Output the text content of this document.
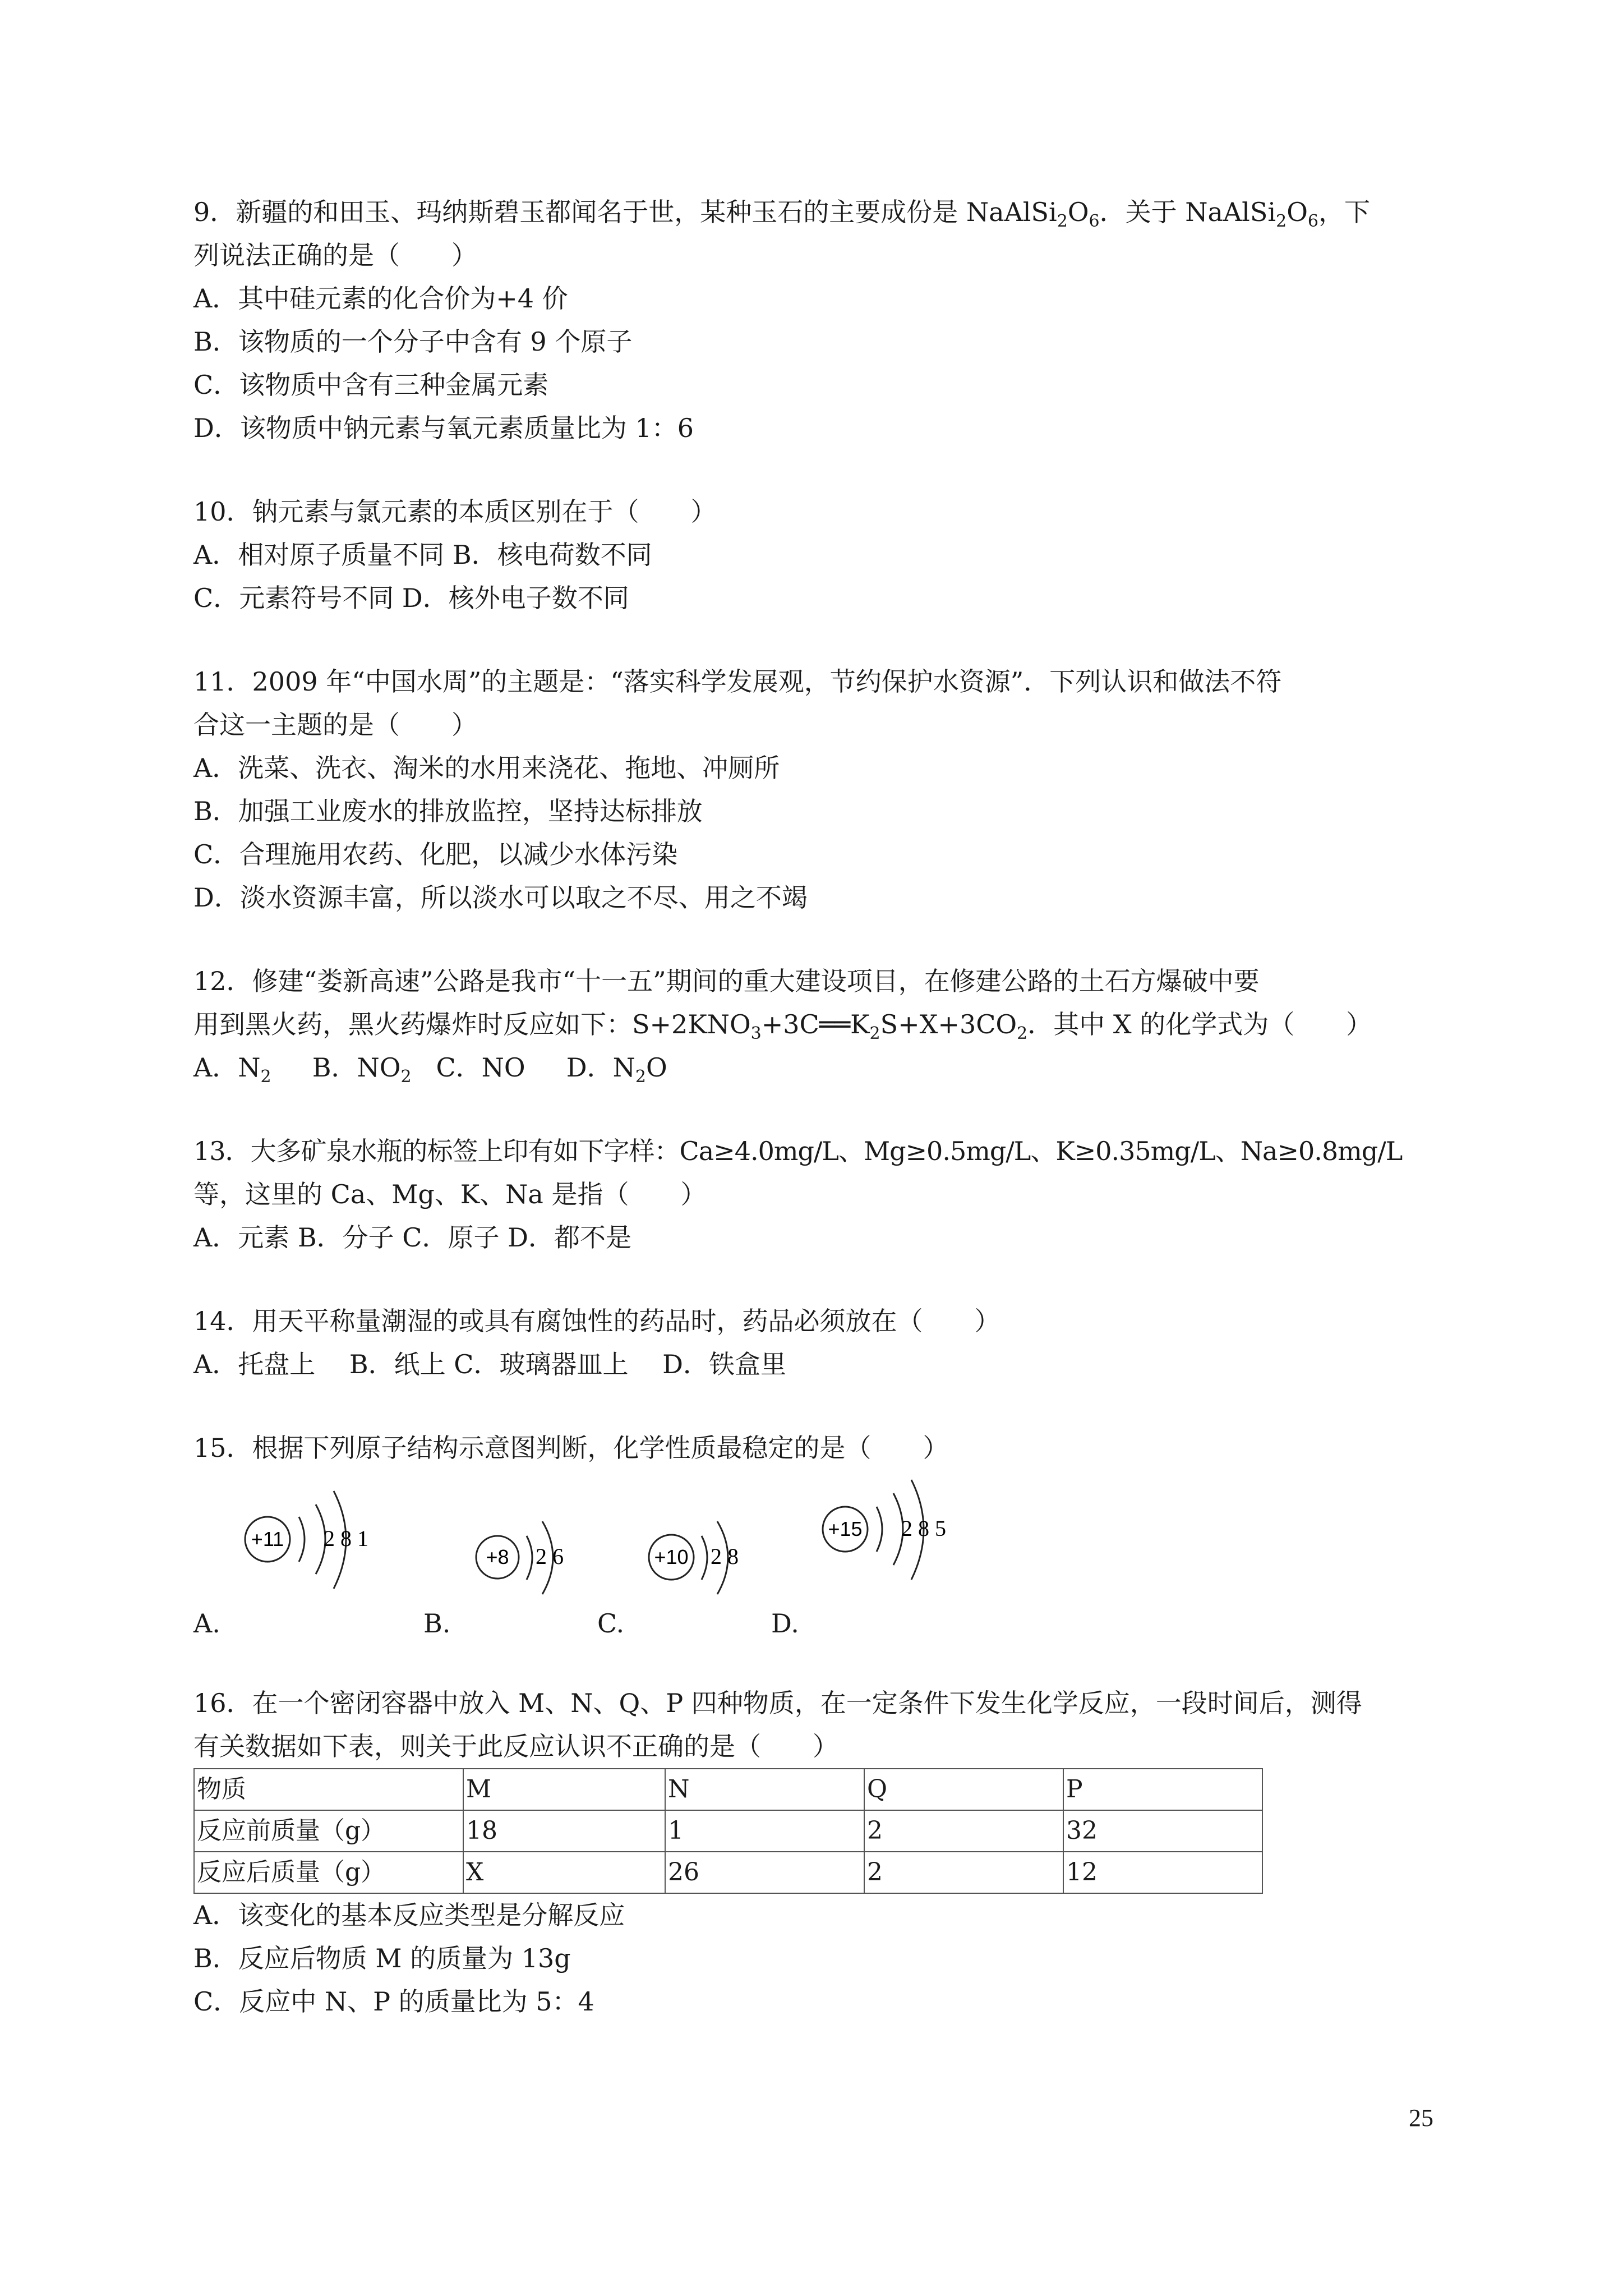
9．新疆的和田玉、玛纳斯碧玉都闻名于世，某种玉石的主要成份是 $NaAlSi_2O_6$．关于 $NaAlSi_2O_6$，下
列说法正确的是（　　）
A．其中硅元素的化合价为+4 价
B．该物质的一个分子中含有 9 个原子
C．该物质中含有三种金属元素
D．该物质中钠元素与氧元素质量比为 1：6
10．钠元素与氯元素的本质区别在于（　　）
A．相对原子质量不同 B．核电荷数不同
C．元素符号不同 D．核外电子数不同
11．2009 年“中国水周”的主题是：“落实科学发展观，节约保护水资源”．下列认识和做法不符
合这一主题的是（　　）
A．洗菜、洗衣、淘米的水用来浇花、拖地、冲厕所
B．加强工业废水的排放监控，坚持达标排放
C．合理施用农药、化肥，以减少水体污染
D．淡水资源丰富，所以淡水可以取之不尽、用之不竭
12．修建“娄新高速”公路是我市“十一五”期间的重大建设项目，在修建公路的土石方爆破中要
用到黑火药，黑火药爆炸时反应如下：$S+2KNO_3+3C══K_2S+X+3CO_2$．其中 X 的化学式为（　　）
A．$N_2$ B．$NO_2$ C．NO D．$N_2O$
13．大多矿泉水瓶的标签上印有如下字样：Ca≥4.0mg/L、Mg≥0.5mg/L、K≥0.35mg/L、Na≥0.8mg/L
等，这里的 Ca、Mg、K、Na 是指（　　）
A．元素 B．分子 C．原子 D．都不是
14．用天平称量潮湿的或具有腐蚀性的药品时，药品必须放在（　　）
A．托盘上　 B．纸上 C．玻璃器皿上　 D．铁盒里
15．根据下列原子结构示意图判断，化学性质最稳定的是（　　）
+11 2 8 1
+8 2 6	+10 2 8
+15 2 8 5
A.	B.	C.	D.
16．在一个密闭容器中放入 M、N、Q、P 四种物质，在一定条件下发生化学反应，一段时间后，测得
有关数据如下表，则关于此反应认识不正确的是（　　）
物质	M	N	Q	P
反应前质量（g）	18	1	2	32
反应后质量（g）	X	26	2	12
A．该变化的基本反应类型是分解反应
B．反应后物质 M 的质量为 13g
C．反应中 N、P 的质量比为 5：4
25
